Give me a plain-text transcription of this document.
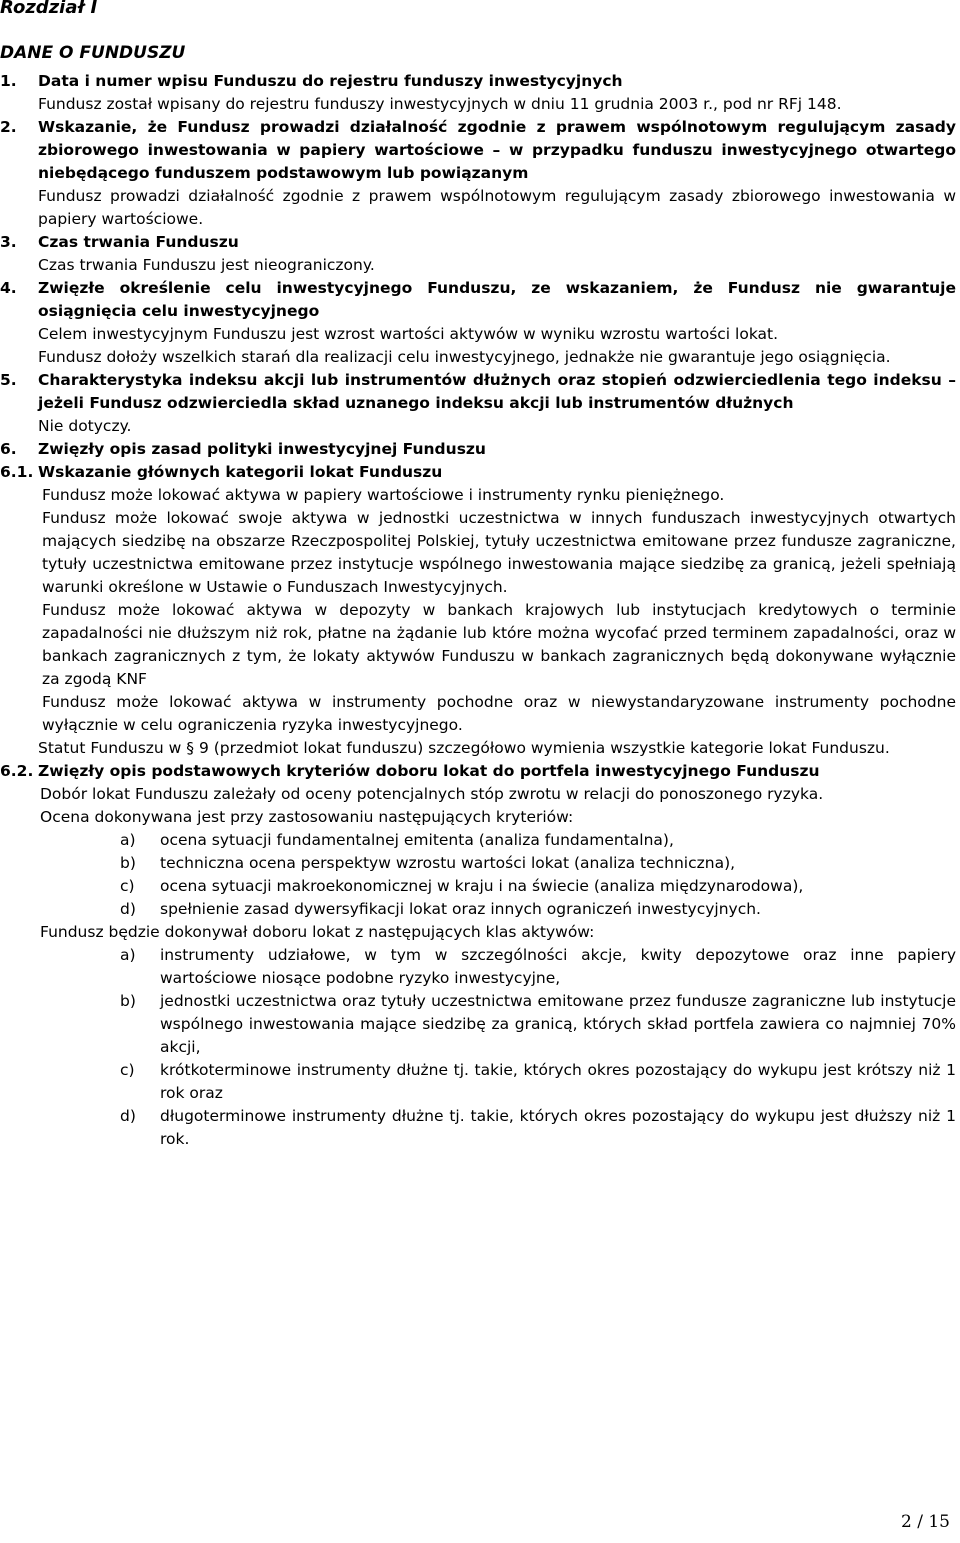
Rozdział I
DANE O FUNDUSZU
1.	Data i numer wpisu Funduszu do rejestru funduszy inwestycyjnych

Fundusz został wpisany do rejestru funduszy inwestycyjnych w dniu 11 grudnia 2003 r., pod nr RFj 148.

2.	Wskazanie, że Fundusz prowadzi działalność zgodnie z prawem wspólnotowym regulującym zasady zbiorowego inwestowania w papiery wartościowe – w przypadku funduszu inwestycyjnego otwartego niebędącego funduszem podstawowym lub powiązanym

Fundusz prowadzi działalność zgodnie z prawem wspólnotowym regulującym zasady zbiorowego inwestowania w papiery wartościowe.

3.	Czas trwania Funduszu

Czas trwania Funduszu jest nieograniczony.

4.	Zwięzłe określenie celu inwestycyjnego Funduszu, ze wskazaniem, że Fundusz nie gwarantuje osiągnięcia celu inwestycyjnego

Celem inwestycyjnym Funduszu jest wzrost wartości aktywów w wyniku wzrostu wartości lokat.

Fundusz dołoży wszelkich starań dla realizacji celu inwestycyjnego, jednakże nie gwarantuje jego osiągnięcia.

5.	Charakterystyka indeksu akcji lub instrumentów dłużnych oraz stopień odzwierciedlenia tego indeksu – jeżeli Fundusz odzwierciedla skład uznanego indeksu akcji lub instrumentów dłużnych

Nie dotyczy.

6.	Zwięzły opis zasad polityki inwestycyjnej Funduszu
6.1. Wskazanie głównych kategorii lokat Funduszu

Fundusz może lokować aktywa w papiery wartościowe i instrumenty rynku pieniężnego.

Fundusz może lokować swoje aktywa w jednostki uczestnictwa w innych funduszach inwestycyjnych otwartych mających siedzibę na obszarze Rzeczpospolitej Polskiej, tytuły uczestnictwa emitowane przez fundusze zagraniczne, tytuły uczestnictwa emitowane przez instytucje wspólnego inwestowania mające siedzibę za granicą, jeżeli spełniają warunki określone w Ustawie o Funduszach Inwestycyjnych.

Fundusz może lokować aktywa w depozyty w bankach krajowych lub instytucjach kredytowych o terminie zapadalności nie dłuższym niż rok, płatne na żądanie lub które można wycofać przed terminem zapadalności, oraz w bankach zagranicznych z tym, że lokaty aktywów Funduszu w bankach zagranicznych będą dokonywane wyłącznie za zgodą KNF

Fundusz może lokować aktywa w instrumenty pochodne oraz w niewystandaryzowane instrumenty pochodne wyłącznie w celu ograniczenia ryzyka inwestycyjnego.

Statut Funduszu w § 9 (przedmiot lokat funduszu) szczegółowo wymienia wszystkie kategorie lokat Funduszu.

6.2. Zwięzły opis podstawowych kryteriów doboru lokat do portfela inwestycyjnego Funduszu

Dobór lokat Funduszu zależały od oceny potencjalnych stóp zwrotu w relacji do ponoszonego ryzyka.

Ocena dokonywana jest przy zastosowaniu następujących kryteriów:

a)	ocena sytuacji fundamentalnej emitenta (analiza fundamentalna),
b)	techniczna ocena perspektyw wzrostu wartości lokat (analiza techniczna),
c)	ocena sytuacji makroekonomicznej w kraju i na świecie (analiza międzynarodowa),
d)	spełnienie zasad dywersyfikacji lokat oraz innych ograniczeń inwestycyjnych.

Fundusz będzie dokonywał doboru lokat z następujących klas aktywów:

a)	instrumenty udziałowe, w tym w szczególności akcje, kwity depozytowe oraz inne papiery wartościowe niosące podobne ryzyko inwestycyjne,
b)	jednostki uczestnictwa oraz tytuły uczestnictwa emitowane przez fundusze zagraniczne lub instytucje wspólnego inwestowania mające siedzibę za granicą, których skład portfela zawiera co najmniej 70% akcji,
c)	krótkoterminowe instrumenty dłużne tj. takie, których okres pozostający do wykupu jest krótszy niż 1 rok oraz
d)	długoterminowe instrumenty dłużne tj. takie, których okres pozostający do wykupu jest dłuższy niż 1 rok.
2 / 15
